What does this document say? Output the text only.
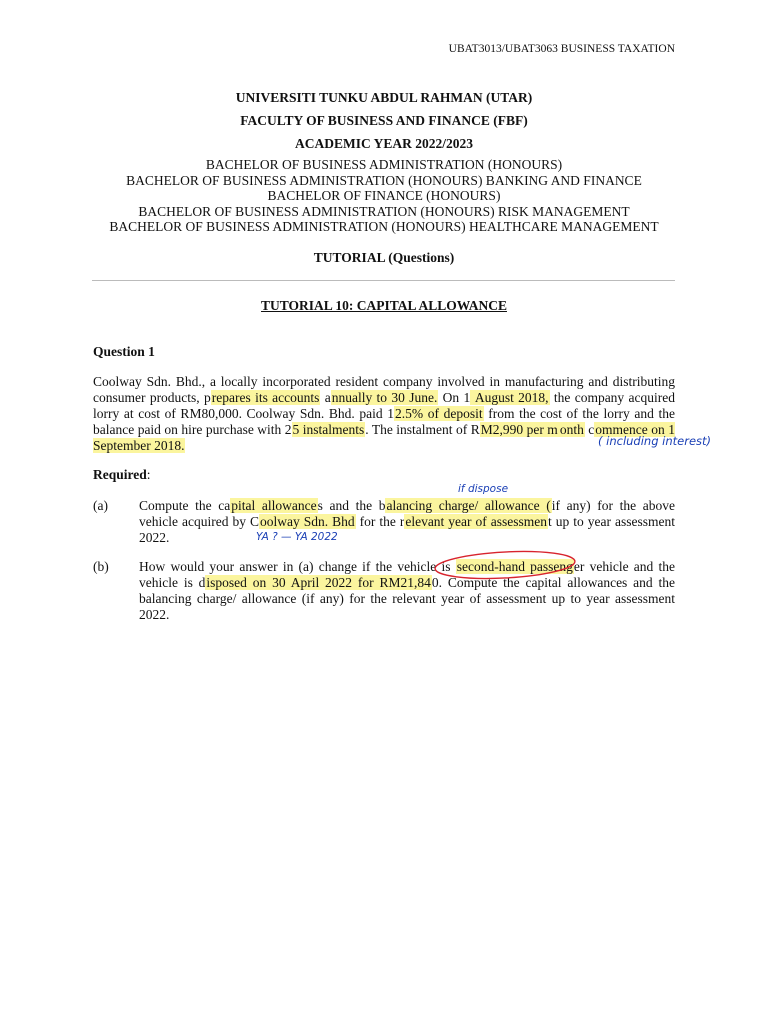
UBAT3013/UBAT3063 BUSINESS TAXATION
UNIVERSITI TUNKU ABDUL RAHMAN (UTAR)
FACULTY OF BUSINESS AND FINANCE (FBF)
ACADEMIC YEAR 2022/2023
BACHELOR OF BUSINESS ADMINISTRATION (HONOURS)
BACHELOR OF BUSINESS ADMINISTRATION (HONOURS) BANKING AND FINANCE
BACHELOR OF FINANCE (HONOURS)
BACHELOR OF BUSINESS ADMINISTRATION (HONOURS) RISK MANAGEMENT
BACHELOR OF BUSINESS ADMINISTRATION (HONOURS) HEALTHCARE MANAGEMENT
TUTORIAL (Questions)
TUTORIAL 10: CAPITAL ALLOWANCE
Question 1
Coolway Sdn. Bhd., a locally incorporated resident company involved in manufacturing and distributing consumer products, prepares its accounts annually to 30 June. On 1 August 2018, the company acquired lorry at cost of RM80,000. Coolway Sdn. Bhd. paid 12.5% of deposit from the cost of the lorry and the balance paid on hire purchase with 25 instalments. The instalment of RM2,990 per m onth commence on 1 September 2018.	( including interest)
Required:
if dispose
(a) Compute the capital allowances and the balancing charge/ allowance (if any) for the above vehicle acquired by Coolway Sdn. Bhd for the relevant year of assessment up to year assessment 2022.	YA ? — YA 2022
(b) How would your answer in (a) change if the vehicle is second-hand passenger vehicle and the vehicle is disposed on 30 April 2022 for RM21,840. Compute the capital allowances and the balancing charge/ allowance (if any) for the relevant year of assessment up to year assessment 2022.
